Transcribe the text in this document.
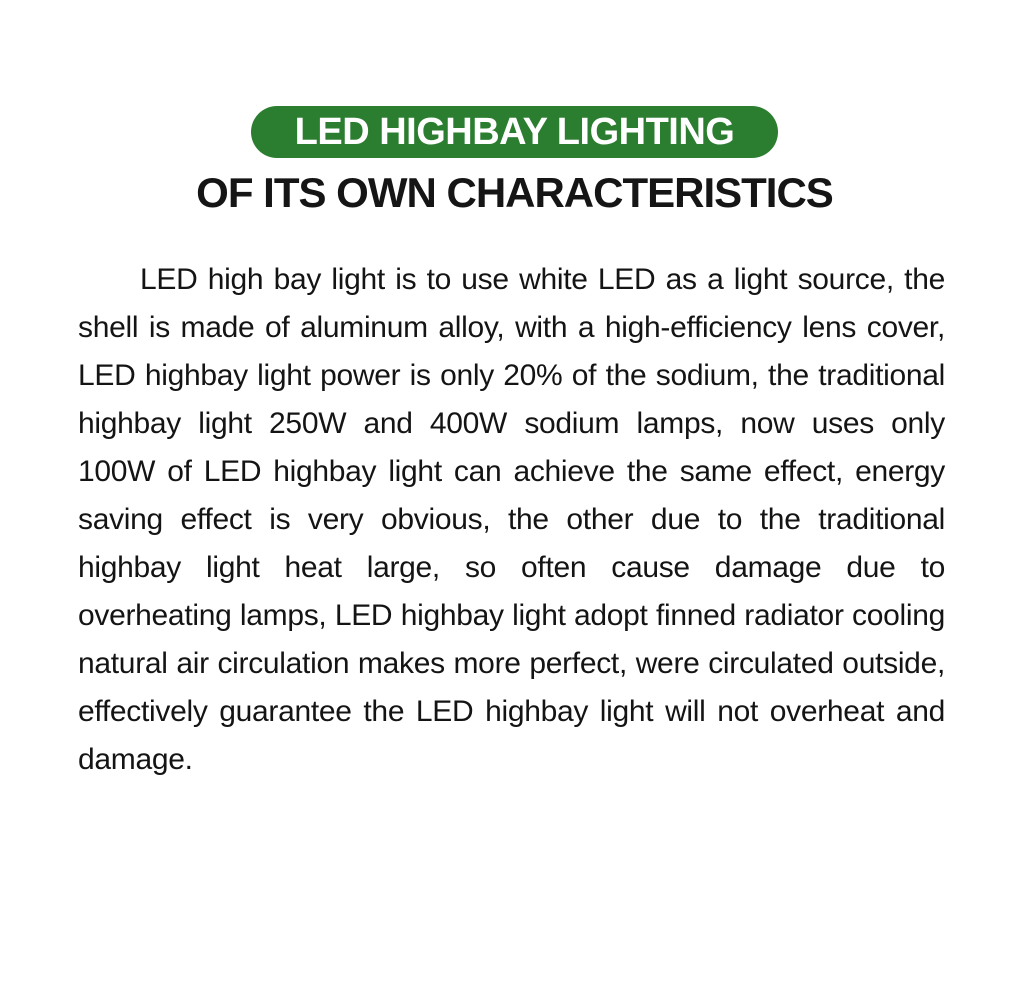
LED HIGHBAY LIGHTING
OF ITS OWN CHARACTERISTICS

LED high bay light is to use white LED as a light source, the shell is made of aluminum alloy, with a high-efficiency lens cover, LED highbay light power is only 20% of the sodium, the traditional highbay light 250W and 400W sodium lamps, now uses only 100W of LED highbay light can achieve the same effect, energy saving effect is very obvious, the other due to the traditional highbay light heat large, so often cause damage due to overheating lamps, LED highbay light adopt finned radiator cooling natural air circulation makes more perfect, were circulated outside, effectively guarantee the LED highbay light will not overheat and damage.
